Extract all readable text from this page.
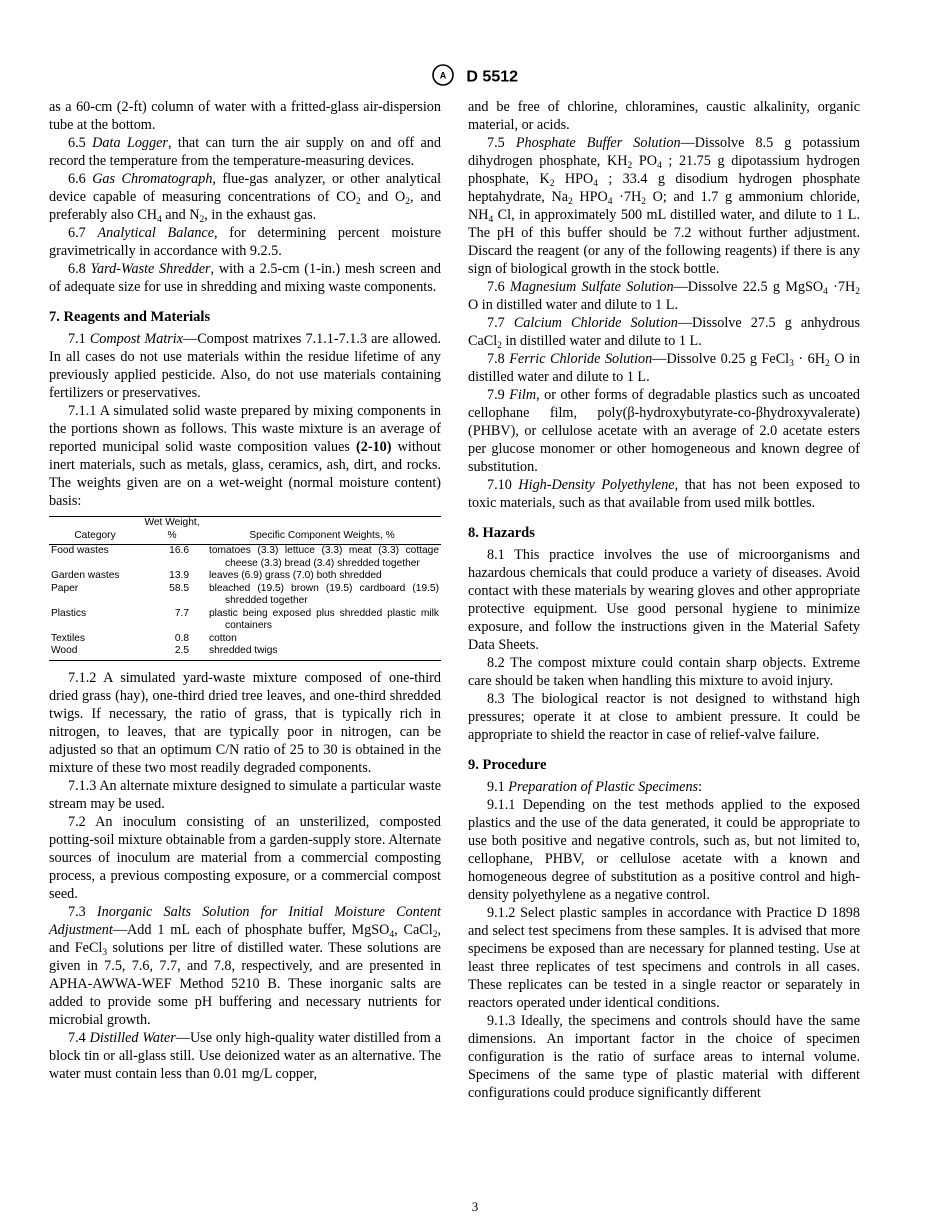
A D 5512

as a 60-cm (2-ft) column of water with a fritted-glass air-dispersion tube at the bottom.

6.5 Data Logger, that can turn the air supply on and off and record the temperature from the temperature-measuring devices.

6.6 Gas Chromatograph, flue-gas analyzer, or other analytical device capable of measuring concentrations of $CO_2$ and $O_2$, and preferably also $CH_4$ and $N_2$, in the exhaust gas.

6.7 Analytical Balance, for determining percent moisture gravimetrically in accordance with 9.2.5.

6.8 Yard-Waste Shredder, with a 2.5-cm (1-in.) mesh screen and of adequate size for use in shredding and mixing waste components.

7. Reagents and Materials

7.1 Compost Matrix—Compost matrixes 7.1.1-7.1.3 are allowed. In all cases do not use materials within the residue lifetime of any previously applied pesticide. Also, do not use materials containing fertilizers or preservatives.

7.1.1 A simulated solid waste prepared by mixing components in the portions shown as follows. This waste mixture is an average of reported municipal solid waste composition values (2-10) without inert materials, such as metals, glass, ceramics, ash, dirt, and rocks. The weights given are on a wet-weight (normal moisture content) basis:

Category	Wet Weight, %	Specific Component Weights, %
Food wastes	16.6	tomatoes (3.3) lettuce (3.3) meat (3.3) cottage cheese (3.3) bread (3.4) shredded together

Garden wastes	13.9	leaves (6.9) grass (7.0) both shredded

Paper	58.5	bleached (19.5) brown (19.5) cardboard (19.5) shredded together

Plastics	7.7	plastic being exposed plus shredded plastic milk containers

Textiles	0.8	cotton

Wood	2.5	shredded twigs

7.1.2 A simulated yard-waste mixture composed of one-third dried grass (hay), one-third dried tree leaves, and one-third shredded twigs. If necessary, the ratio of grass, that is typically rich in nitrogen, to leaves, that are typically poor in nitrogen, can be adjusted so that an optimum C/N ratio of 25 to 30 is obtained in the mixture of these two most readily degraded components.

7.1.3 An alternate mixture designed to simulate a particular waste stream may be used.

7.2 An inoculum consisting of an unsterilized, composted potting-soil mixture obtainable from a garden-supply store. Alternate sources of inoculum are material from a commercial composting process, a previous composting exposure, or a commercial compost seed.

7.3 Inorganic Salts Solution for Initial Moisture Content Adjustment—Add 1 mL each of phosphate buffer, MgSO$_4$, CaCl$_2$, and FeCl$_3$ solutions per litre of distilled water. These solutions are given in 7.5, 7.6, 7.7, and 7.8, respectively, and are presented in APHA-AWWA-WEF Method 5210 B. These inorganic salts are added to provide some pH buffering and necessary nutrients for microbial growth.

7.4 Distilled Water—Use only high-quality water distilled from a block tin or all-glass still. Use deionized water as an alternative. The water must contain less than 0.01 mg/L copper,

and be free of chlorine, chloramines, caustic alkalinity, organic material, or acids.

7.5 Phosphate Buffer Solution—Dissolve 8.5 g potassium dihydrogen phosphate, $KH_2$ $PO_4$ ; 21.75 g dipotassium hydrogen phosphate, $K_2$ $HPO_4$ ; 33.4 g disodium hydrogen phosphate heptahydrate, $Na_2$ $HPO_4 \cdot 7H_2$ O; and 1.7 g ammonium chloride, $NH_4$ Cl, in approximately 500 mL distilled water, and dilute to 1 L. The pH of this buffer should be 7.2 without further adjustment. Discard the reagent (or any of the following reagents) if there is any sign of biological growth in the stock bottle.

7.6 Magnesium Sulfate Solution—Dissolve 22.5 g MgSO$_4$ $\cdot 7H_2$ O in distilled water and dilute to 1 L.

7.7 Calcium Chloride Solution—Dissolve 27.5 g anhydrous CaCl$_2$ in distilled water and dilute to 1 L.

7.8 Ferric Chloride Solution—Dissolve 0.25 g FeCl$_3$ · $6H_2$ O in distilled water and dilute to 1 L.

7.9 Film, or other forms of degradable plastics such as uncoated cellophane film, poly(β-hydroxybutyrate-co-βhydroxyvalerate) (PHBV), or cellulose acetate with an average of 2.0 acetate esters per glucose monomer or other homogeneous and known degree of substitution.

7.10 High-Density Polyethylene, that has not been exposed to toxic materials, such as that available from used milk bottles.

8. Hazards

8.1 This practice involves the use of microorganisms and hazardous chemicals that could produce a variety of diseases. Avoid contact with these materials by wearing gloves and other appropriate protective equipment. Use good personal hygiene to minimize exposure, and follow the instructions given in the Material Safety Data Sheets.

8.2 The compost mixture could contain sharp objects. Extreme care should be taken when handling this mixture to avoid injury.

8.3 The biological reactor is not designed to withstand high pressures; operate it at close to ambient pressure. It could be appropriate to shield the reactor in case of relief-valve failure.

9. Procedure

9.1 Preparation of Plastic Specimens:

9.1.1 Depending on the test methods applied to the exposed plastics and the use of the data generated, it could be appropriate to use both positive and negative controls, such as, but not limited to, cellophane, PHBV, or cellulose acetate with a known and homogeneous degree of substitution as a positive control and high-density polyethylene as a negative control.

9.1.2 Select plastic samples in accordance with Practice D 1898 and select test specimens from these samples. It is advised that more specimens be exposed than are necessary for planned testing. Use at least three replicates of test specimens and controls in all cases. These replicates can be tested in a single reactor or separately in reactors operated under identical conditions.

9.1.3 Ideally, the specimens and controls should have the same dimensions. An important factor in the choice of specimen configuration is the ratio of surface areas to internal volume. Specimens of the same type of plastic material with different configurations could produce significantly different

3
